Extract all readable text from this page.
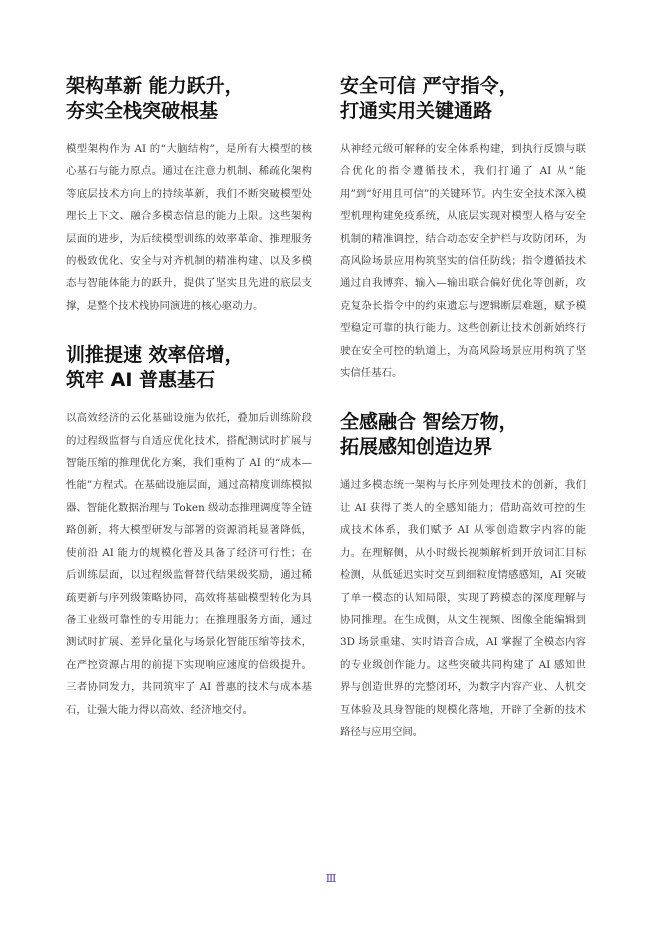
架构革新 能力跃升，
夯实全栈突破根基

模型架构作为 AI 的“大脑结构”，是所有大模型的核心基石与能力原点。通过在注意力机制、稀疏化架构等底层技术方向上的持续革新，我们不断突破模型处理长上下文、融合多模态信息的能力上限。这些架构层面的进步，为后续模型训练的效率革命、推理服务的极致优化、安全与对齐机制的精准构建、以及多模态与智能体能力的跃升，提供了坚实且先进的底层支撑，是整个技术栈协同演进的核心驱动力。

训推提速 效率倍增，
筑牢 AI 普惠基石

以高效经济的云化基础设施为依托，叠加后训练阶段的过程级监督与自适应优化技术，搭配测试时扩展与智能压缩的推理优化方案，我们重构了 AI 的“成本—性能”方程式。在基础设施层面，通过高精度训练模拟器、智能化数据治理与 Token 级动态推理调度等全链路创新，将大模型研发与部署的资源消耗显著降低，使前沿 AI 能力的规模化普及具备了经济可行性；在后训练层面，以过程级监督替代结果级奖励，通过稀疏更新与序列级策略协同，高效将基础模型转化为具备工业级可靠性的专用能力；在推理服务方面，通过测试时扩展、差异化量化与场景化智能压缩等技术，在严控资源占用的前提下实现响应速度的倍级提升。三者协同发力，共同筑牢了 AI 普惠的技术与成本基石，让强大能力得以高效、经济地交付。

安全可信 严守指令，
打通实用关键通路

从神经元级可解释的安全体系构建，到执行反馈与联合优化的指令遵循技术，我们打通了 AI 从“能用”到“好用且可信”的关键环节。内生安全技术深入模型机理构建免疫系统，从底层实现对模型人格与安全机制的精准调控，结合动态安全护栏与攻防闭环，为高风险场景应用构筑坚实的信任防线；指令遵循技术通过自我博弈、输入—输出联合偏好优化等创新，攻克复杂长指令中的约束遗忘与逻辑断层难题，赋予模型稳定可靠的执行能力。这些创新让技术创新始终行驶在安全可控的轨道上，为高风险场景应用构筑了坚实信任基石。

全感融合 智绘万物，
拓展感知创造边界

通过多模态统一架构与长序列处理技术的创新，我们让 AI 获得了类人的全感知能力；借助高效可控的生成技术体系，我们赋予 AI 从零创造数字内容的能力。在理解侧，从小时级长视频解析到开放词汇目标检测，从低延迟实时交互到细粒度情感感知，AI 突破了单一模态的认知局限，实现了跨模态的深度理解与协同推理。在生成侧，从文生视频、图像全能编辑到 3D 场景重建、实时语音合成，AI 掌握了全模态内容的专业级创作能力。这些突破共同构建了 AI 感知世界与创造世界的完整闭环，为数字内容产业、人机交互体验及具身智能的规模化落地，开辟了全新的技术路径与应用空间。

Ⅲ
